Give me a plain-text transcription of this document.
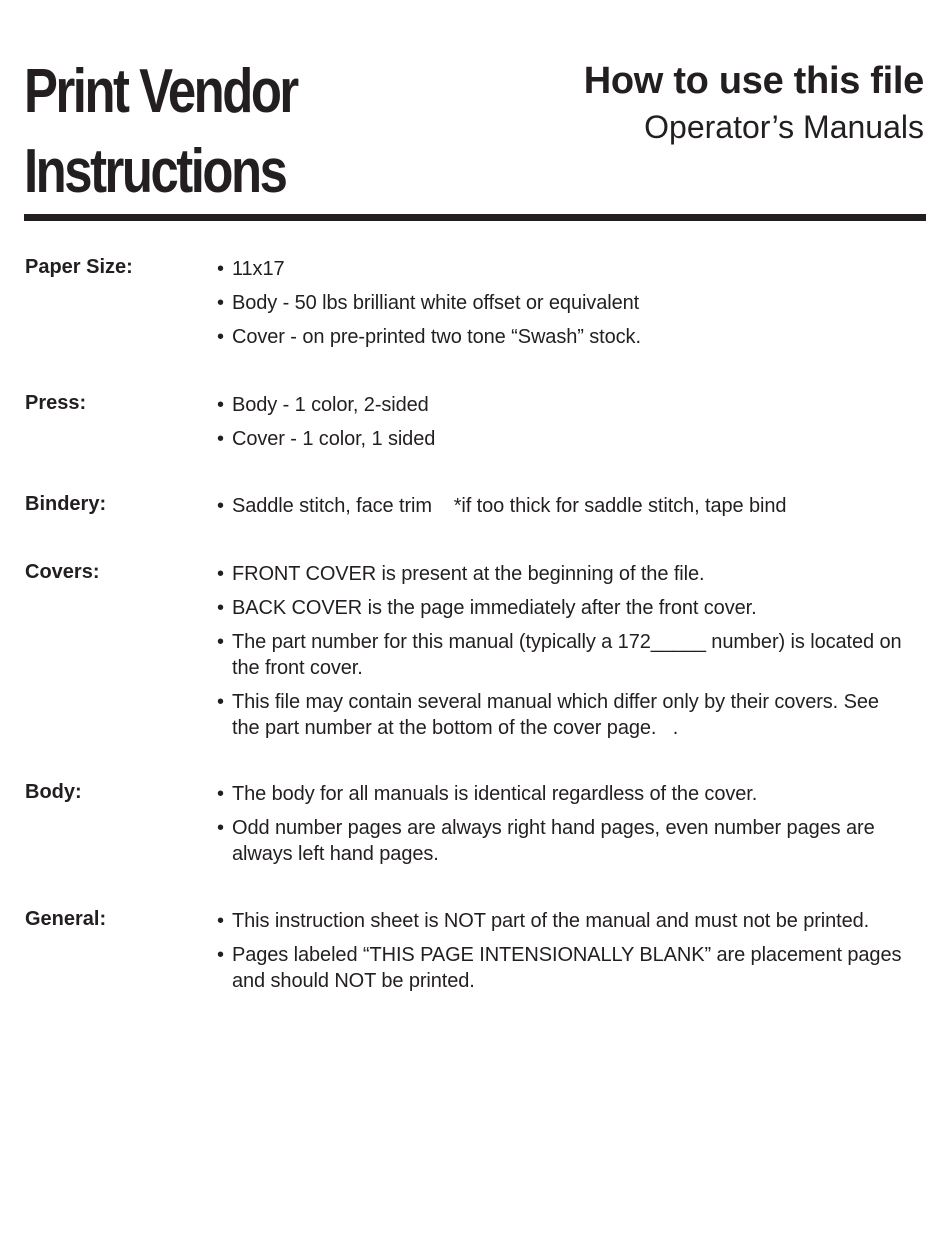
Print Vendor
Instructions
How to use this file
Operator’s Manuals
Paper Size:	• 11x17
• Body - 50 lbs brilliant white offset or equivalent
• Cover - on pre-printed two tone “Swash” stock.
Press:	• Body - 1 color, 2-sided
• Cover - 1 color, 1 sided
Bindery:	• Saddle stitch, face trim    *if too thick for saddle stitch, tape bind
Covers:	• FRONT COVER is present at the beginning of the file.
• BACK COVER is the page immediately after the front cover.
• The part number for this manual (typically a 172_____ number) is located on the front cover.
• This file may contain several manual which differ only by their covers. See the part number at the bottom of the cover page.   .
Body:	• The body for all manuals is identical regardless of the cover.
• Odd number pages are always right hand pages, even number pages are always left hand pages.
General:	• This instruction sheet is NOT part of the manual and must not be printed.
• Pages labeled “THIS PAGE INTENSIONALLY BLANK” are placement pages and should NOT be printed.
